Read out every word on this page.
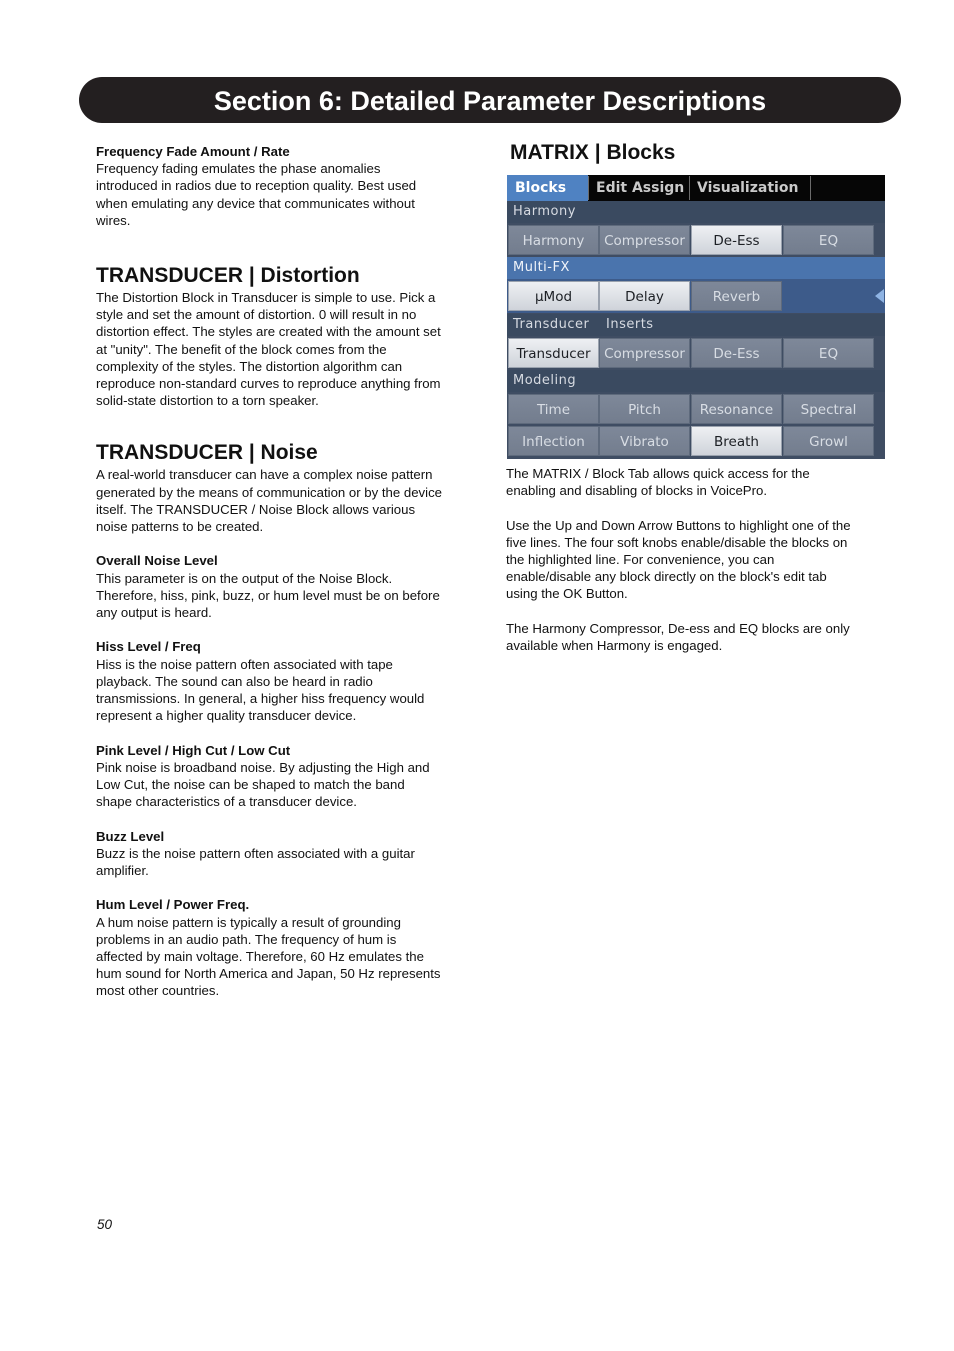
Section 6: Detailed Parameter Descriptions

Frequency Fade Amount / Rate

Frequency fading emulates the phase anomalies
introduced in radios due to reception quality. Best used
when emulating any device that communicates without
wires.

TRANSDUCER | Distortion

The Distortion Block in Transducer is simple to use. Pick a
style and set the amount of distortion. 0 will result in no
distortion effect. The styles are created with the amount set
at "unity". The benefit of the block comes from the
complexity of the styles. The distortion algorithm can
reproduce non-standard curves to reproduce anything from
solid-state distortion to a torn speaker.

TRANSDUCER | Noise

A real-world transducer can have a complex noise pattern
generated by the means of communication or by the device
itself. The TRANSDUCER / Noise Block allows various
noise patterns to be created.

Overall Noise Level

This parameter is on the output of the Noise Block.
Therefore, hiss, pink, buzz, or hum level must be on before
any output is heard.

Hiss Level / Freq

Hiss is the noise pattern often associated with tape
playback. The sound can also be heard in radio
transmissions. In general, a higher hiss frequency would
represent a higher quality transducer device.

Pink Level / High Cut / Low Cut

Pink noise is broadband noise. By adjusting the High and
Low Cut, the noise can be shaped to match the band
shape characteristics of a transducer device.

Buzz Level

Buzz is the noise pattern often associated with a guitar
amplifier.

Hum Level / Power Freq.

A hum noise pattern is typically a result of grounding
problems in an audio path. The frequency of hum is
affected by main voltage. Therefore, 60 Hz emulates the
hum sound for North America and Japan, 50 Hz represents
most other countries.

MATRIX | Blocks

Blocks	Edit Assign Visualization
Harmony
Harmony	Compressor	De-Ess	EQ
Multi-FX
µMod	Delay	Reverb
Transducer Inserts
Transducer	Compressor	De-Ess	EQ
Modeling
Time	Pitch	Resonance	Spectral
Inflection	Vibrato	Breath	Growl
The MATRIX / Block Tab allows quick access for the
enabling and disabling of blocks in VoicePro.
Use the Up and Down Arrow Buttons to highlight one of the
five lines. The four soft knobs enable/disable the blocks on
the highlighted line. For convenience, you can
enable/disable any block directly on the block's edit tab
using the OK Button.
The Harmony Compressor, De-ess and EQ blocks are only
available when Harmony is engaged.
50
